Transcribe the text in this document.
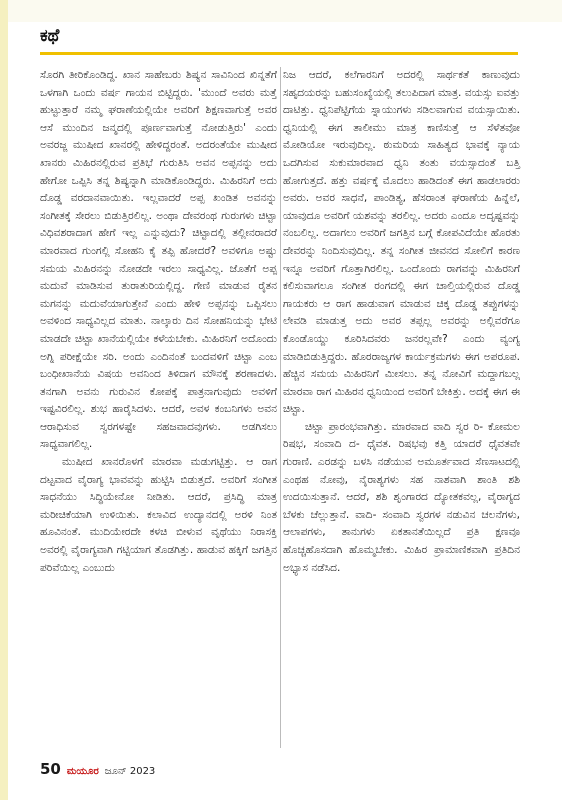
ಕಥೆ

ಸೊರಗಿ ತೀರಿಕೊಂಡಿದ್ದ. ಖಾನ ಸಾಹೇಬರು ಶಿಷ್ಯನ ಸಾವಿನಿಂದ ಖಿನ್ನತೆಗೆ ಒಳಗಾಗಿ ಒಂದು ವರ್ಷ ಗಾಯನ ಬಿಟ್ಟಿದ್ದರು. 'ಮುಂದೆ ಅವರು ಮತ್ತೆ ಹುಟ್ಟುತ್ತಾರೆ ನಮ್ಮ ಘರಾಣೆಯಲ್ಲಿಯೇ ಅವರಿಗೆ ಶಿಕ್ಷಣವಾಗುತ್ತೆ ಅವರ ಆಸೆ ಮುಂದಿನ ಜನ್ಮದಲ್ಲಿ ಪೂರ್ಣವಾಗುತ್ತೆ ನೋಡುತ್ತಿರು' ಎಂದು ಅವರಜ್ಜ ಮುಷೀದ ಖಾನರಲ್ಲಿ ಹೇಳಿದ್ದರಂತೆ. ಅದರಂತೆಯೇ ಮುಷೀದ ಖಾನರು ಮಿಹಿರನಲ್ಲಿರುವ ಪ್ರತಿಭೆ ಗುರುತಿಸಿ ಅವನ ಅಪ್ಪನನ್ನು ಅದು ಹೇಗೋ ಒಪ್ಪಿಸಿ ತನ್ನ ಶಿಷ್ಯನ್ನಾಗಿ ಮಾಡಿಕೊಂಡಿದ್ದರು. ಮಿಹಿರನಿಗೆ ಅದು ದೊಡ್ಡ ವರದಾನವಾಯಿತು. ಇಲ್ಲವಾದರೆ ಅಪ್ಪ ಖಂಡಿತ ಅವನನ್ನು ಸಂಗೀತಕ್ಕೆ ಸೇರಲು ಬಿಡುತ್ತಿರಲಿಲ್ಲ. ಅಂಥಾ ದೇವರಂಥ ಗುರುಗಳು ಚಿಟ್ಟಾ ವಿಧಿವಶರಾದಾಗ ಹೇಗೆ ಇಲ್ಲ ಎನ್ನುವುದು? ಚಿಟ್ಟಾದಲ್ಲಿ ತಲ್ಲೀನರಾದರೆ ಮಾರವಾದ ಗುಂಗಲ್ಲಿ ಸೋಹನಿ ಕೈ ತಪ್ಪಿ ಹೋದರೆ? ಅವಳಿಗೂ ಅಷ್ಟು ಸಮಯ ಮಿಹಿರನನ್ನು ನೋಡದೇ ಇರಲು ಸಾಧ್ಯವಿಲ್ಲ. ಜೊತೆಗೆ ಅಪ್ಪ ಮದುವೆ ಮಾಡಿಸುವ ತುರಾತುರಿಯಲ್ಲಿದ್ದ. ಗೇಣಿ ಮಾಡುವ ರೈತನ ಮಗನನ್ನು ಮದುವೆಯಾಗುತ್ತೇನೆ ಎಂದು ಹೇಳಿ ಅಪ್ಪನನ್ನು ಒಪ್ಪಿಸಲು ಅವಳಿಂದ ಸಾಧ್ಯವಿಲ್ಲದ ಮಾತು. ನಾಲ್ಕಾರು ದಿನ ಸೋಹನಿಯನ್ನು ಭೇಟಿ ಮಾಡದೇ ಚಿಟ್ಟಾ ಖಾನೆಯಲ್ಲಿಯೇ ಕಳೆಯಬೇಕು. ಮಿಹಿರನಿಗೆ ಅದೊಂದು ಅಗ್ನಿ ಪರೀಕ್ಷೆಯೇ ಸರಿ. ಅಂದು ಎಂದಿನಂತೆ ಬಂದವಳಿಗೆ ಚಿಟ್ಟಾ ಎಂಬ ಬಂಧೀಖಾನೆಯ ವಿಷಯ ಅವನಿಂದ ತಿಳಿದಾಗ ಮೌನಕ್ಕೆ ಶರಣಾದಳು. ತನಗಾಗಿ ಅವನು ಗುರುವಿನ ಕೋಪಕ್ಕೆ ಪಾತ್ರನಾಗುವುದು ಅವಳಿಗೆ ಇಷ್ಟವಿರಲಿಲ್ಲ. ಶುಭ ಹಾರೈಸಿದಳು. ಆದರೆ, ಅವಳ ಕಂಬನಿಗಳು ಅವನ ಆರಾಧಿಸುವ ಸ್ವರಗಳಷ್ಟೇ ಸಹಜವಾದವುಗಳು. ಅಡಗಿಸಲು ಸಾಧ್ಯವಾಗಲಿಲ್ಲ.

ಮುಷೀದ ಖಾನರೊಳಗೆ ಮಾರವಾ ಮಡುಗಟ್ಟಿತ್ತು. ಆ ರಾಗ ದಟ್ಟವಾದ ವೈರಾಗ್ಯ ಭಾವವನ್ನು ಹುಟ್ಟಿಸಿ ಬಿಡುತ್ತದೆ. ಅವರಿಗೆ ಸಂಗೀತ ಸಾಧನೆಯು ಸಿದ್ಧಿಯೇನೋ ನೀಡಿತು. ಆದರೆ, ಪ್ರಸಿದ್ಧಿ ಮಾತ್ರ ಮರೀಚಿಕೆಯಾಗಿ ಉಳಿಯಿತು. ಕಲಾವಿದ ಉದ್ಯಾನದಲ್ಲಿ ಅರಳಿ ನಿಂತ ಹೂವಿನಂತೆ. ಮುದಿಯೇರದೇ ಕಳಚಿ ಬೀಳುವ ವೃಥೆಯು ನಿರಾಸಕ್ತಿ ಅವರಲ್ಲಿ ವೈರಾಗ್ಯವಾಗಿ ಗಟ್ಟಿಯಾಗ ತೊಡಗಿತ್ತು. ಹಾಡುವ ಹಕ್ಕಿಗೆ ಜಗತ್ತಿನ ಪರಿವೆಯಿಲ್ಲ ಎಂಬುದು

ನಿಜ ಆದರೆ, ಕಲೆಗಾರನಿಗೆ ಅದರಲ್ಲಿ ಸಾರ್ಥಕತೆ ಕಾಣುವುದು ಸಹೃದಯರನ್ನು ಬಹುಸಂಖ್ಯೆಯಲ್ಲಿ ತಲುಪಿದಾಗ ಮಾತ್ರ. ವಯಸ್ಸು ಐವತ್ತು ದಾಟಿತ್ತು. ಧ್ವನಿಪೆಟ್ಟಿಗೆಯ ಸ್ನಾಯುಗಳು ಸಡಿಲವಾಗುವ ವಯಸ್ಸಾಯಿತು. ಧ್ವನಿಯಲ್ಲಿ ಈಗ ತಾಲೀಮು ಮಾತ್ರ ಕಾಣಿಸುತ್ತೆ ಆ ಸೆಳೆತವೋ ಮೋಡಿಯೋ ಇರುವುದಿಲ್ಲ. ಠುಮರಿಯ ಸಾಹಿತ್ಯದ ಭಾವಕ್ಕೆ ನ್ಯಾಯ ಒದಗಿಸುವ ಸುಕುಮಾರವಾದ ಧ್ವನಿ ತಂತು ವಯಸ್ಸಾದಂತೆ ಬತ್ತಿ ಹೋಗುತ್ತದೆ. ಹತ್ತು ವರ್ಷಕ್ಕೆ ಮೊದಲು ಹಾಡಿದಂತೆ ಈಗ ಹಾಡಲಾರರು ಅವರು. ಅವರ ಸಾಧನೆ, ಪಾಂಡಿತ್ಯ, ಹೆಸರಾಂತ ಘರಾಣೆಯ ಹಿನ್ನೆಲೆ, ಯಾವುದೂ ಅವರಿಗೆ ಯಶವನ್ನು ತರಲಿಲ್ಲ. ಅದರು ಎಂದೂ ಅದೃಷ್ಟವನ್ನು ನಂಬಲಿಲ್ಲ. ಅದಾಗಲು ಅವರಿಗೆ ಜಗತ್ತಿನ ಬಗ್ಗೆ ಕೋಪವಿದೆಯೇ ಹೊರತು ದೇವರನ್ನು ನಿಂದಿಸುವುದಿಲ್ಲ. ತನ್ನ ಸಂಗೀತ ಜೀವನದ ಸೋಲಿಗೆ ಕಾರಣ ಇನ್ನೂ ಅವರಿಗೆ ಗೊತ್ತಾಗಿರಲಿಲ್ಲ. ಒಂದೊಂದು ರಾಗವನ್ನು ಮಿಹಿರನಿಗೆ ಕಲಿಸುವಾಗಲೂ ಸಂಗೀತ ರಂಗದಲ್ಲಿ ಈಗ ಚಾಲ್ತಿಯಲ್ಲಿರುವ ದೊಡ್ಡ ಗಾಯಕರು ಆ ರಾಗ ಹಾಡುವಾಗ ಮಾಡುವ ಚಿಕ್ಕ ದೊಡ್ಡ ತಪ್ಪುಗಳನ್ನು ಲೇವಡಿ ಮಾಡುತ್ತ ಅದು ಅವರ ತಪ್ಪಲ್ಲ ಅವರನ್ನು ಅಲ್ಲಿವರೆಗೂ ಕೊಂಡೊಯ್ದು ಕೂರಿಸಿದವರು ಜನರಲ್ಲವೇ? ಎಂದು ವ್ಯಂಗ್ಯ ಮಾಡಿಬಿಡುತ್ತಿದ್ದರು. ಹೊರರಾಜ್ಯಗಳ ಕಾರ್ಯಕ್ರಮಗಳು ಈಗ ಅಪರೂಪ. ಹೆಚ್ಚಿನ ಸಮಯ ಮಿಹಿರನಿಗೆ ಮೀಸಲು. ತನ್ನ ನೋವಿಗೆ ಮದ್ದಾಗಬಲ್ಲ ಮಾರವಾ ರಾಗ ಮಿಹಿರನ ಧ್ವನಿಯಿಂದ ಅವರಿಗೆ ಬೇಕಿತ್ತು. ಅದಕ್ಕೆ ಈಗ ಈ ಚಿಟ್ಟಾ.

ಚಿಟ್ಟಾ ಪ್ರಾರಂಭವಾಗಿತ್ತು. ಮಾರವಾದ ವಾದಿ ಸ್ವರ ರಿ- ಕೋಮಲ ರಿಷಭ, ಸಂವಾದಿ ದ- ಧೈವತ. ರಿಷಭವು ಕತ್ತಿ ಯಾದರೆ ಧೈವತವೇ ಗುರಾಣಿ. ಎರಡನ್ನು ಬಳಸಿ ನಡೆಯುವ ಅಮೂರ್ತವಾದ ಸೆಣಸಾಟದಲ್ಲಿ ಎಂಥಹ ನೋವು, ನೈರಾಶ್ಯಗಳು ಸಹ ನಾಶವಾಗಿ ಶಾಂತಿ ಶಶಿ ಉದಯಿಸುತ್ತಾನೆ. ಆದರೆ, ಶಶಿ ಶೃಂಗಾರದ ದ್ಯೋತಕವಲ್ಲ, ವೈರಾಗ್ಯದ ಬೆಳಕು ಚೆಲ್ಲುತ್ತಾನೆ. ವಾದಿ- ಸಂವಾದಿ ಸ್ವರಗಳ ನಡುವಿನ ಚಲನೆಗಳು, ಆಲಾಪಗಳು, ತಾನುಗಳು ಏಕತಾನತೆಯಿಲ್ಲದೆ ಪ್ರತಿ ಕ್ಷಣವೂ ಹೊಚ್ಚಹೊಸದಾಗಿ ಹೊಮ್ಮಬೇಕು. ಮಿಹಿರ ಪ್ರಾಮಾಣಿಕವಾಗಿ ಪ್ರತಿದಿನ ಅಭ್ಯಾಸ ನಡೆಸಿದ.

50 ಮಯೂರ ಜೂನ್ 2023
